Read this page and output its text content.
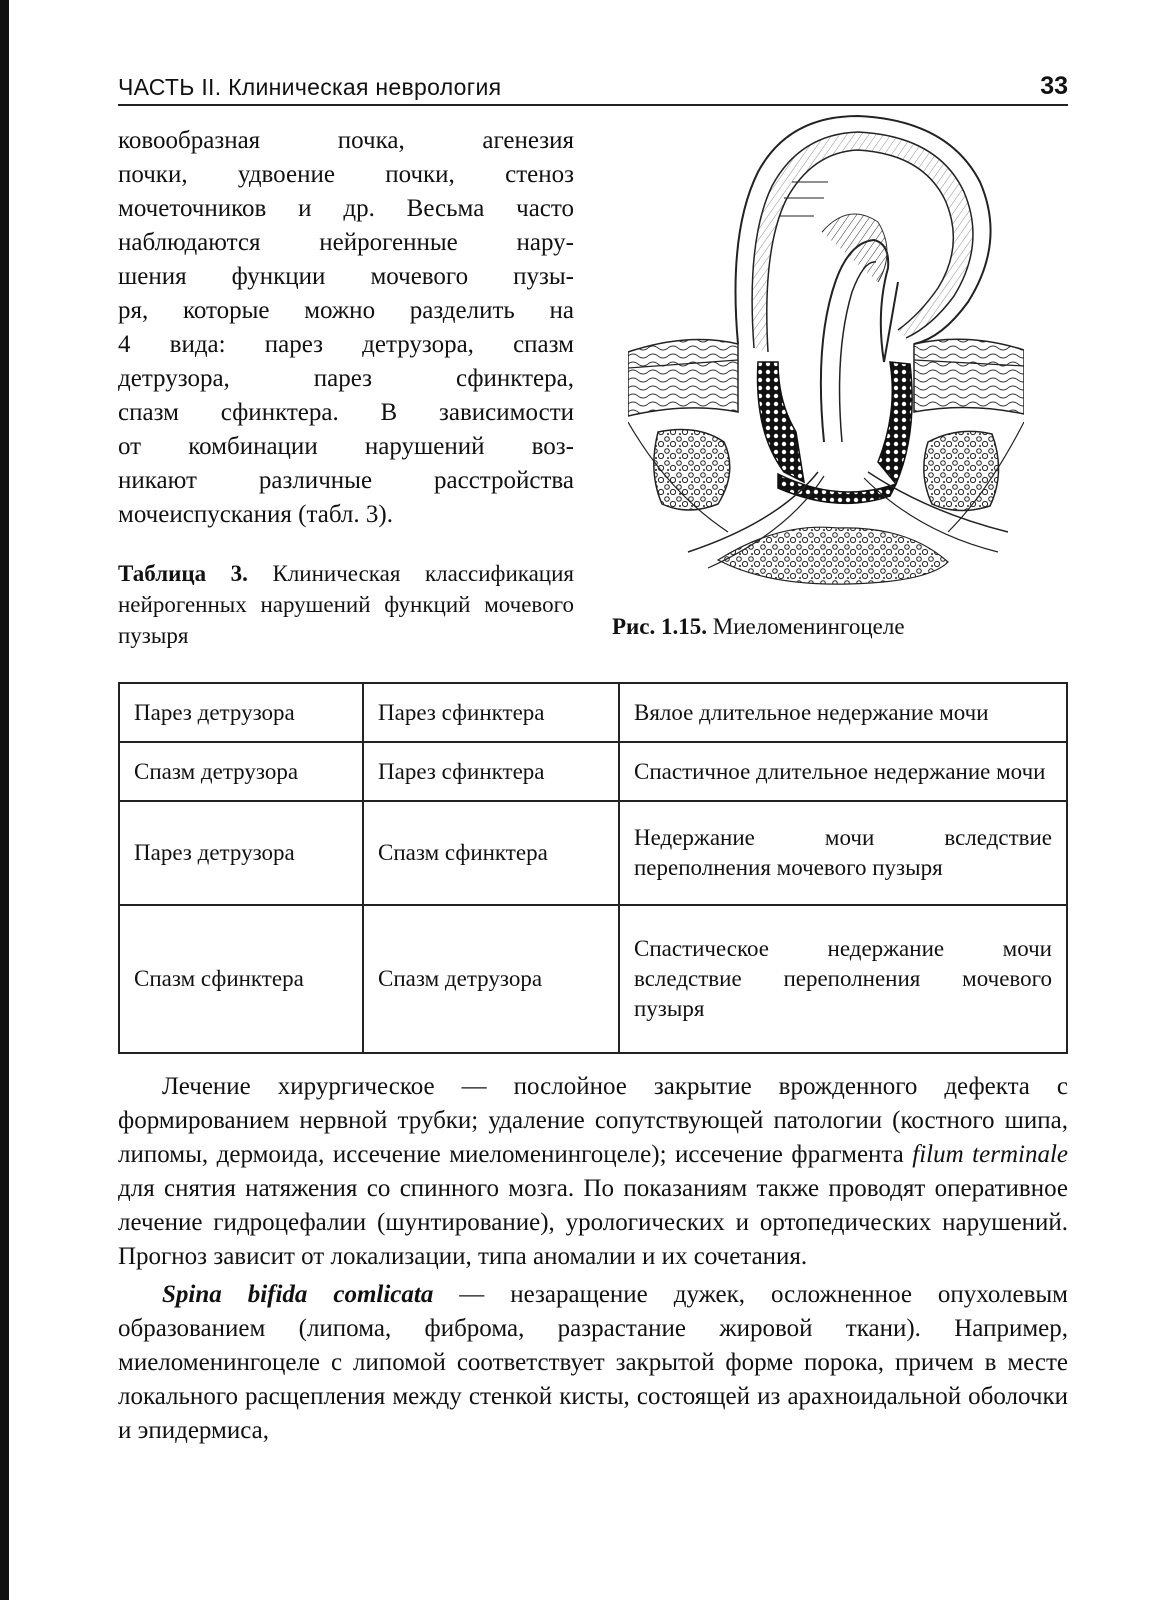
ЧАСТЬ II. Клиническая неврология	33
ковообразная почка, агенезия
почки, удвоение почки, стеноз
мочеточников и др. Весьма часто
наблюдаются нейрогенные нару-
шения функции мочевого пузы-
ря, которые можно разделить на
4 вида: парез детрузора, спазм
детрузора, парез сфинктера,
спазм сфинктера. В зависимости
от комбинации нарушений воз-
никают различные расстройства
мочеиспускания (табл. 3).
Таблица 3. Клиническая классификация нейрогенных нарушений функций мочевого пузыря	Рис. 1.15. Миеломенингоцеле
Парез детрузора	Парез сфинктера	Вялое длительное недержание мочи
Спазм детрузора	Парез сфинктера	Спастичное длительное недержание мочи
Парез детрузора	Спазм сфинктера	Недержание мочи вследствие переполнения мочевого пузыря
Спазм сфинктера	Спазм детрузора	Спастическое недержание мочи вследствие переполнения мочевого пузыря

Лечение хирургическое — послойное закрытие врожденного дефекта с формированием нервной трубки; удаление сопутствующей патологии (костного шипа, липомы, дермоида, иссечение миеломенингоцеле); иссечение фрагмента filum terminale для снятия натяжения со спинного мозга. По показаниям также проводят оперативное лечение гидроцефалии (шунтирование), урологических и ортопедических нарушений. Прогноз зависит от локализации, типа аномалии и их сочетания.

Spina bifida comlicata — незаращение дужек, осложненное опухолевым образованием (липома, фиброма, разрастание жировой ткани). Например, миеломенингоцеле с липомой соответствует закрытой форме порока, причем в месте локального расщепления между стенкой кисты, состоящей из арахноидальной оболочки и эпидермиса,
